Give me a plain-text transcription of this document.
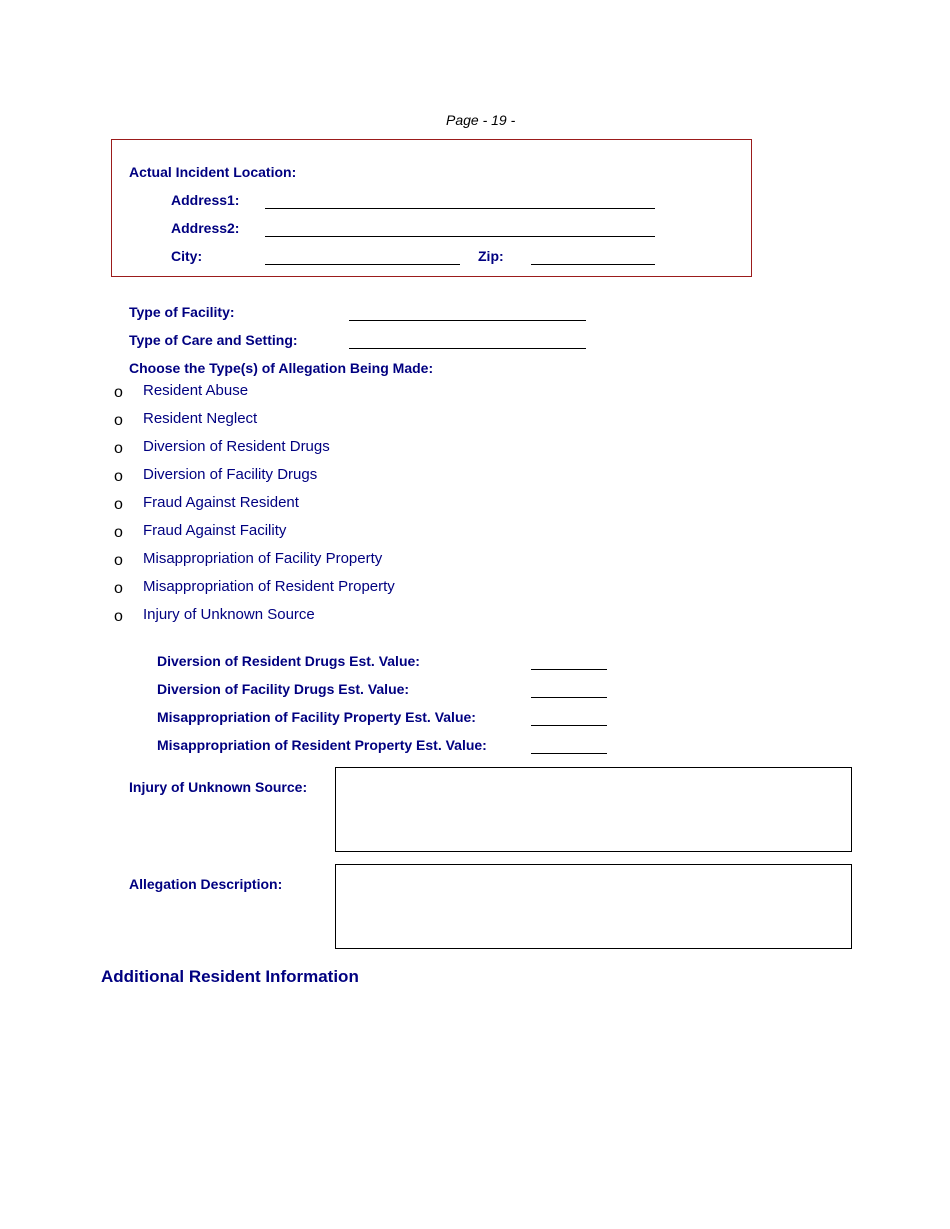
Page - 19 -
Actual Incident Location:
Address1:
Address2:
City:	Zip:
Type of Facility:
Type of Care and Setting:
Choose the Type(s) of Allegation Being Made:
o Resident Abuse
o Resident Neglect
o Diversion of Resident Drugs
o Diversion of Facility Drugs
o Fraud Against Resident
o Fraud Against Facility
o Misappropriation of Facility Property
o Misappropriation of Resident Property
o Injury of Unknown Source
Diversion of Resident Drugs Est. Value:
Diversion of Facility Drugs Est. Value:
Misappropriation of Facility Property Est. Value:
Misappropriation of Resident Property Est. Value:
Injury of Unknown Source:
Allegation Description:
Additional Resident Information
